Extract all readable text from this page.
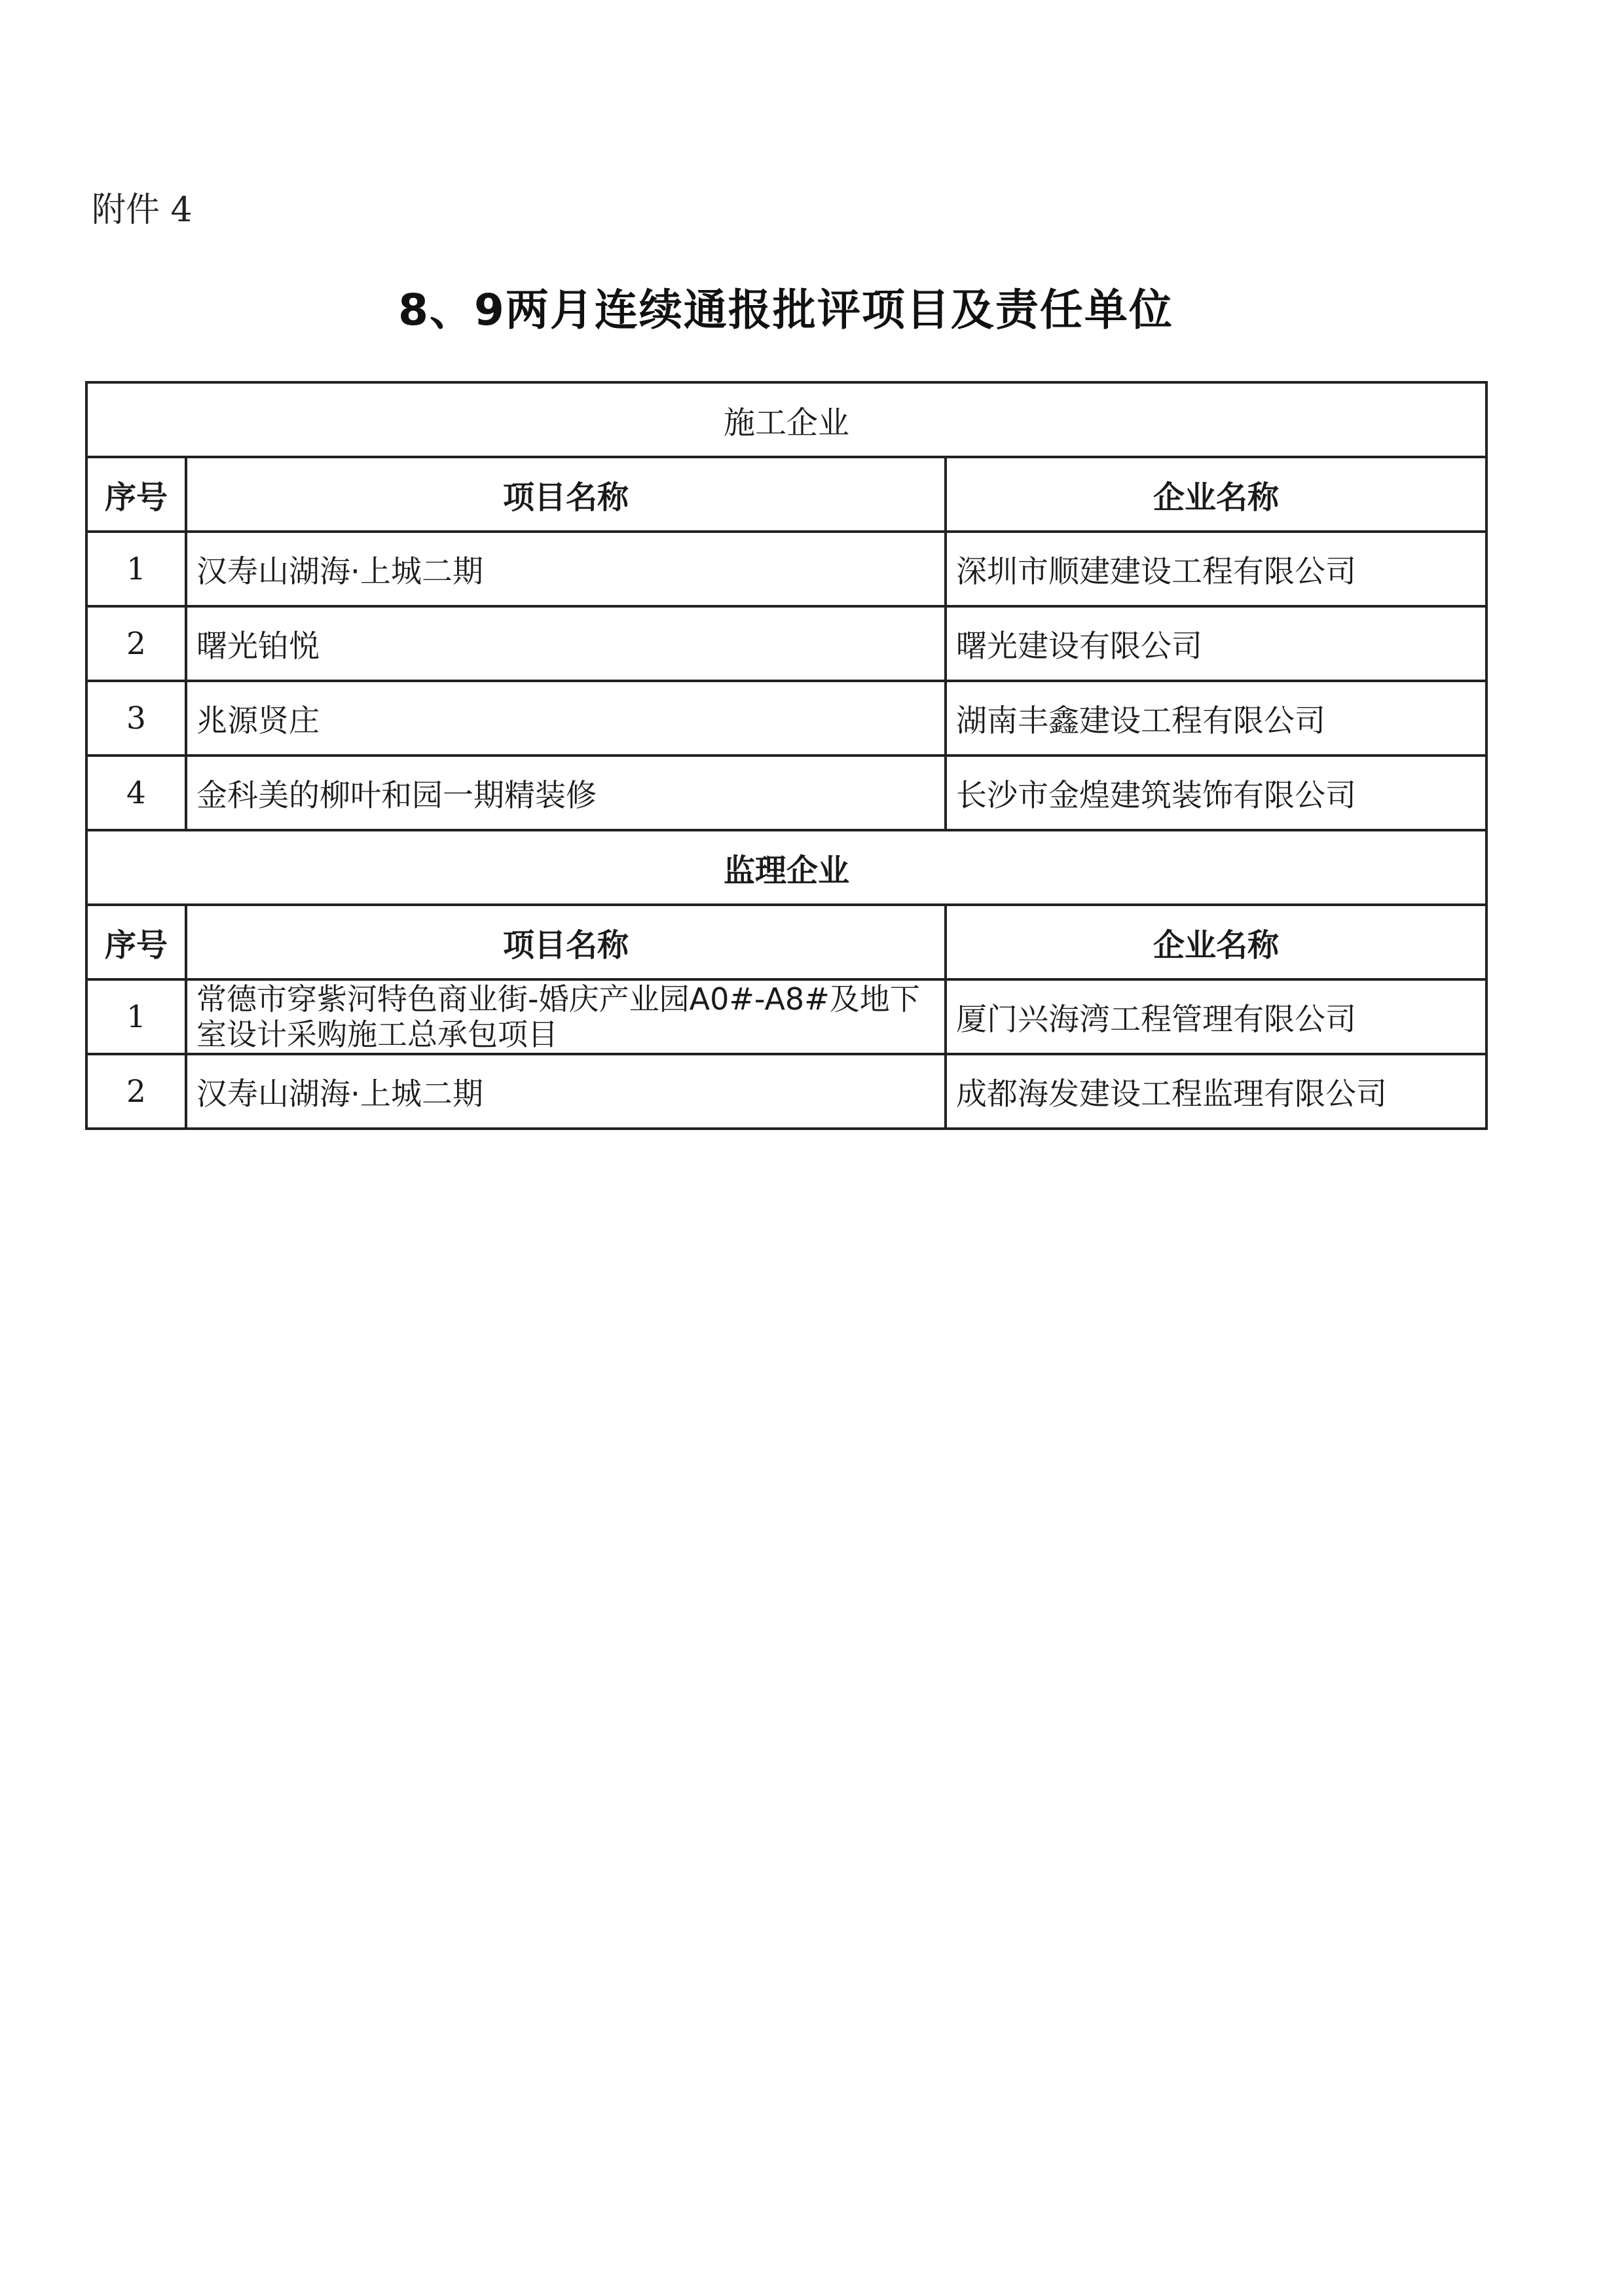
附件 4
8、9两月连续通报批评项目及责任单位
施工企业		
序号	项目名称	企业名称
1	汉寿山湖海·上城二期	深圳市顺建建设工程有限公司
2	曙光铂悦	曙光建设有限公司
3	兆源贤庄	湖南丰鑫建设工程有限公司
4	金科美的柳叶和园一期精装修	长沙市金煌建筑装饰有限公司
监理企业		
序号	项目名称	企业名称
1	常德市穿紫河特色商业街-婚庆产业园A0#-A8#及地下室设计采购施工总承包项目	厦门兴海湾工程管理有限公司
2	汉寿山湖海·上城二期	成都海发建设工程监理有限公司
